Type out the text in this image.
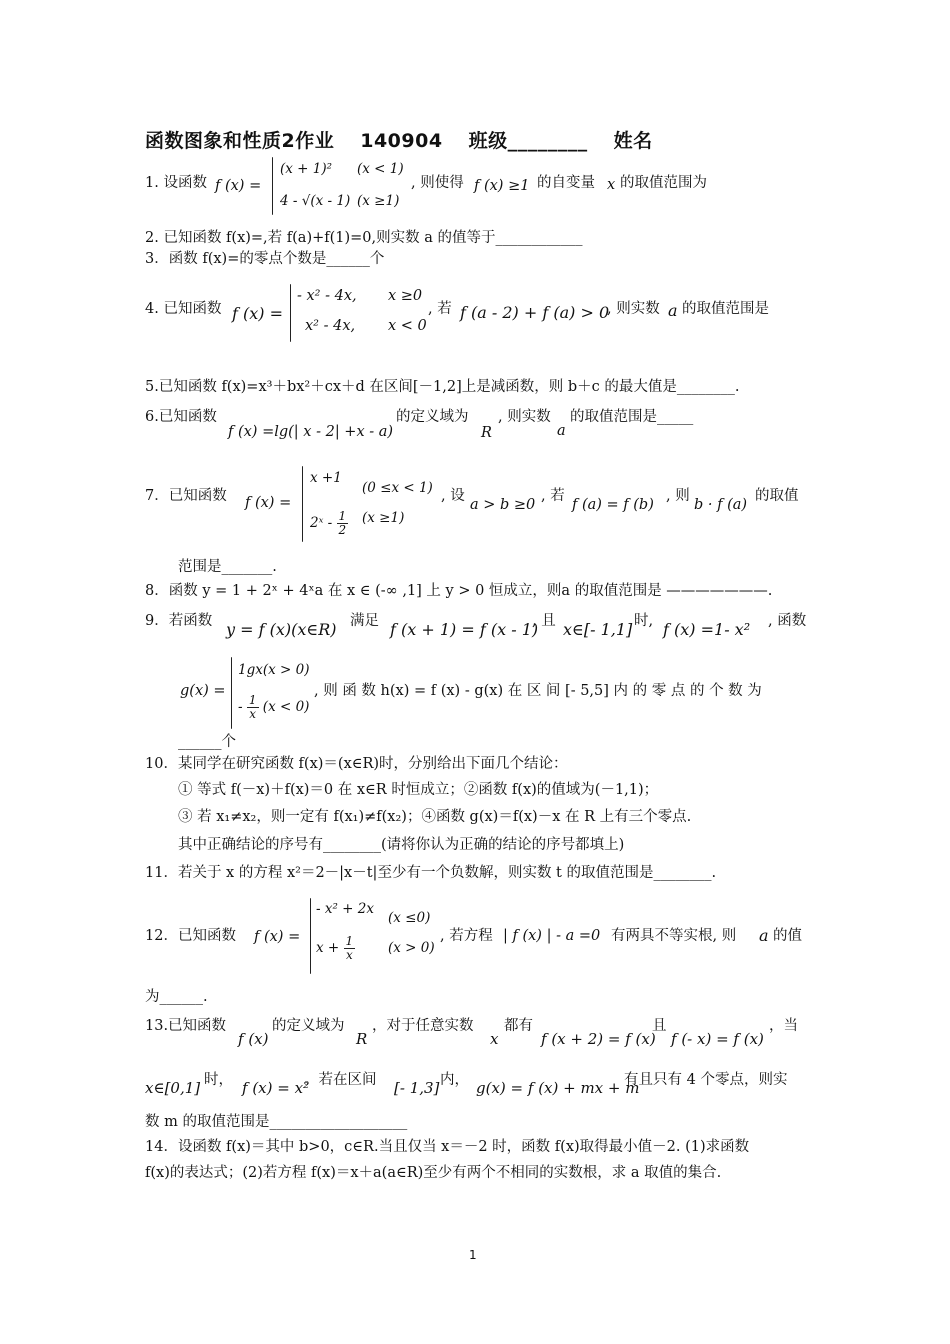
函数图象和性质2作业 140904 班级________ 姓名
1. 设函数 f (x) =
(x + 1)² (x < 1)
4 - √(x - 1) (x ≥1)
, 则使得 f (x) ≥1 的自变量 x 的取值范围为
2. 已知函数 f(x)=,若 f(a)+f(1)=0,则实数 a 的值等于____________
3．函数 f(x)=的零点个数是______个
4. 已知函数 f (x) =
- x² - 4x, x ≥0
x² - 4x, x < 0
, 若 f (a - 2) + f (a) > 0
, 则实数 a 的取值范围是
5.已知函数 f(x)=x³＋bx²＋cx＋d 在区间[－1,2]上是减函数，则 b＋c 的最大值是________.
6.已知函数
f (x) =lg(| x - 2| +x - a)
的定义域为
R
, 则实数
a
的取值范围是_____
7．已知函数 f (x) =
x +1
(0 ≤x < 1)
2ˣ - $\frac{1}{2} (x \ge 1)$
, 设
a > b ≥0
, 若
f (a) = f (b)
, 则
b · f (a)
的取值
范围是_______.
8．函数 y = 1 + 2ˣ + 4ˣa 在 x ∈ (-∞ ,1] 上 y > 0 恒成立，则a 的取值范围是 ———————.
9．若函数 y = f (x)(x∈R) 满足 f (x + 1) = f (x - 1)
, 且 x∈[- 1,1] 时, f (x) =1- x² , 函数
g(x) =
1gx(x > 0)
- $\frac{1}{x} (x < 0)$
, 则 函 数 h(x) = f (x) - g(x) 在 区 间 [- 5,5] 内 的 零 点 的 个 数 为
______个
10．某同学在研究函数 f(x)＝(x∈R)时，分别给出下面几个结论：
① 等式 f(－x)＋f(x)＝0 在 x∈R 时恒成立；②函数 f(x)的值域为(－1,1)；
③ 若 x₁≠x₂，则一定有 f(x₁)≠f(x₂)；④函数 g(x)＝f(x)－x 在 R 上有三个零点.
其中正确结论的序号有________(请将你认为正确的结论的序号都填上)
11．若关于 x 的方程 x²＝2－|x－t|至少有一个负数解，则实数 t 的取值范围是________.
12．已知函数 f (x) =
- x² + 2x
(x ≤0)
$x + \frac{1}{x} (x > 0)$
, 若方程 | f (x) | - a =0 有两具不等实根, 则 a 的值
为______.
13.已知函数
f (x)
的定义域为
R
，对于任意实数
x
都有
f (x + 2) = f (x)
且
f (- x) = f (x)
，当
x∈[0,1] 时， f (x) = x²
。若在区间 [- 1,3] 内， g(x) = f (x) + mx + m
有且只有 4 个零点，则实
数 m 的取值范围是___________________
14．设函数 f(x)＝其中 b>0，c∈R.当且仅当 x＝－2 时，函数 f(x)取得最小值－2. (1)求函数
f(x)的表达式；(2)若方程 f(x)＝x＋a(a∈R)至少有两个不相同的实数根，求 a 取值的集合.
1
